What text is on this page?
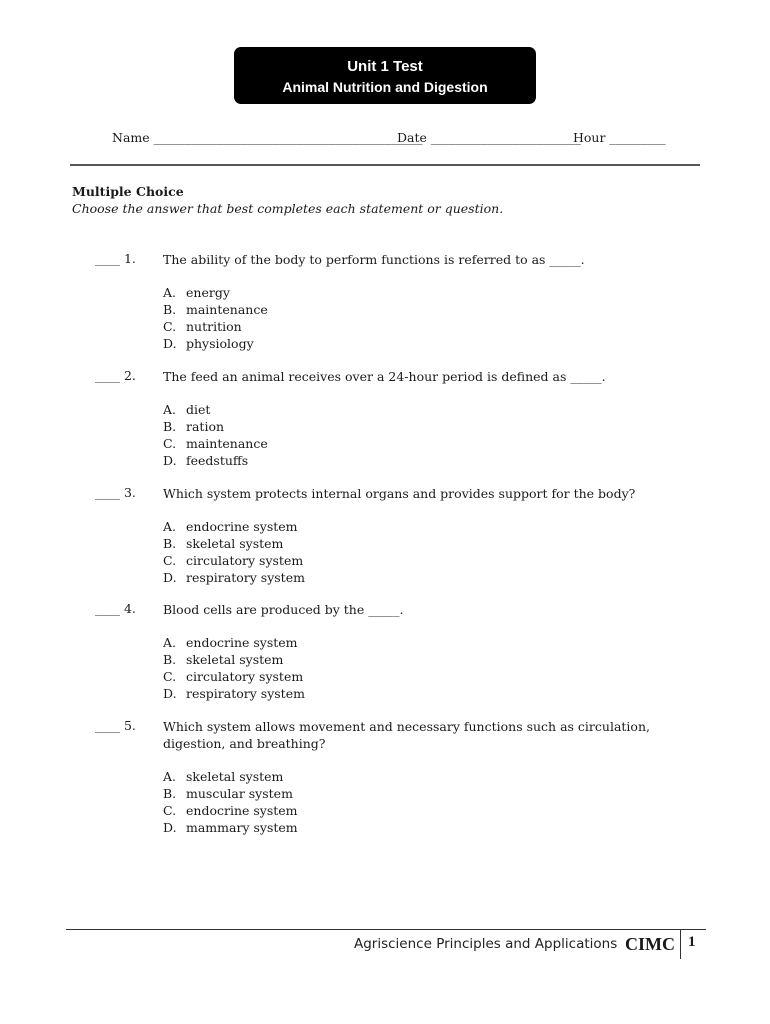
Unit 1 Test
Animal Nutrition and Digestion
Name ___________________________________________
Date ________________________
Hour _________
Multiple Choice
Choose the answer that best completes each statement or question.
____ 1. The ability of the body to perform functions is referred to as _____.
A. energy
B. maintenance
C. nutrition
D. physiology
____ 2. The feed an animal receives over a 24-hour period is defined as _____.
A. diet
B. ration
C. maintenance
D. feedstuffs
____ 3. Which system protects internal organs and provides support for the body?
A. endocrine system
B. skeletal system
C. circulatory system
D. respiratory system
____ 4. Blood cells are produced by the _____.
A. endocrine system
B. skeletal system
C. circulatory system
D. respiratory system
____ 5. Which system allows movement and necessary functions such as circulation, digestion, and breathing?
A. skeletal system
B. muscular system
C. endocrine system
D. mammary system
Agriscience Principles and Applications CIMC 1
